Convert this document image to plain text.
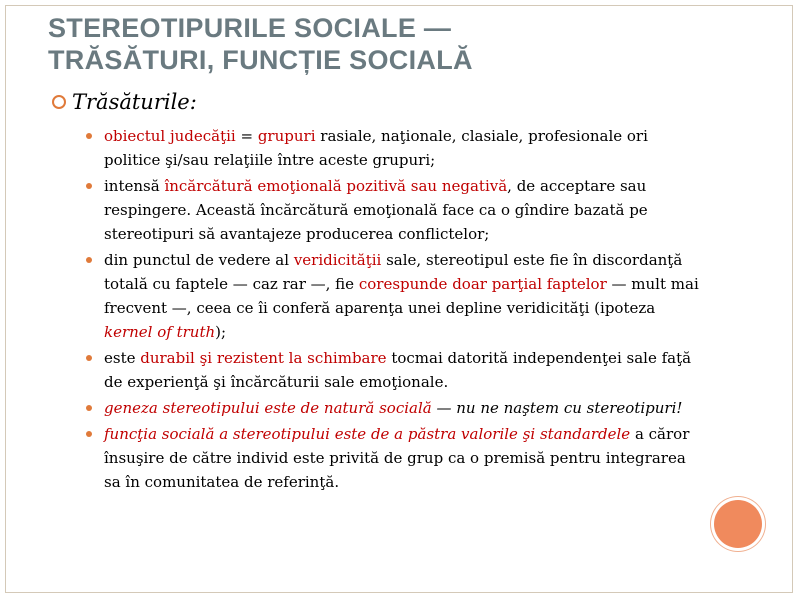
STEREOTIPURILE SOCIALE —
TRĂSĂTURI, FUNCȚIE SOCIALĂ
Trăsăturile:
obiectul judecăţii = grupuri rasiale, naţionale, clasiale, profesionale ori politice şi/sau relaţiile între aceste grupuri;
intensă încărcătură emoţională pozitivă sau negativă, de acceptare sau respingere. Această încărcătură emoţională face ca o gîndire bazată pe stereotipuri să avantajeze producerea conflictelor;
din punctul de vedere al veridicităţii sale, stereotipul este fie în discordanţă totală cu faptele — caz rar —, fie corespunde doar parţial faptelor — mult mai frecvent —, ceea ce îi conferă aparenţa unei depline veridicităţi (ipoteza kernel of truth);
este durabil şi rezistent la schimbare tocmai datorită independenţei sale faţă de experienţă şi încărcăturii sale emoţionale.
geneza stereotipului este de natură socială — nu ne naştem cu stereotipuri!
funcţia socială a stereotipului este de a păstra valorile şi standardele a căror însuşire de către individ este privită de grup ca o premisă pentru integrarea sa în comunitatea de referinţă.
